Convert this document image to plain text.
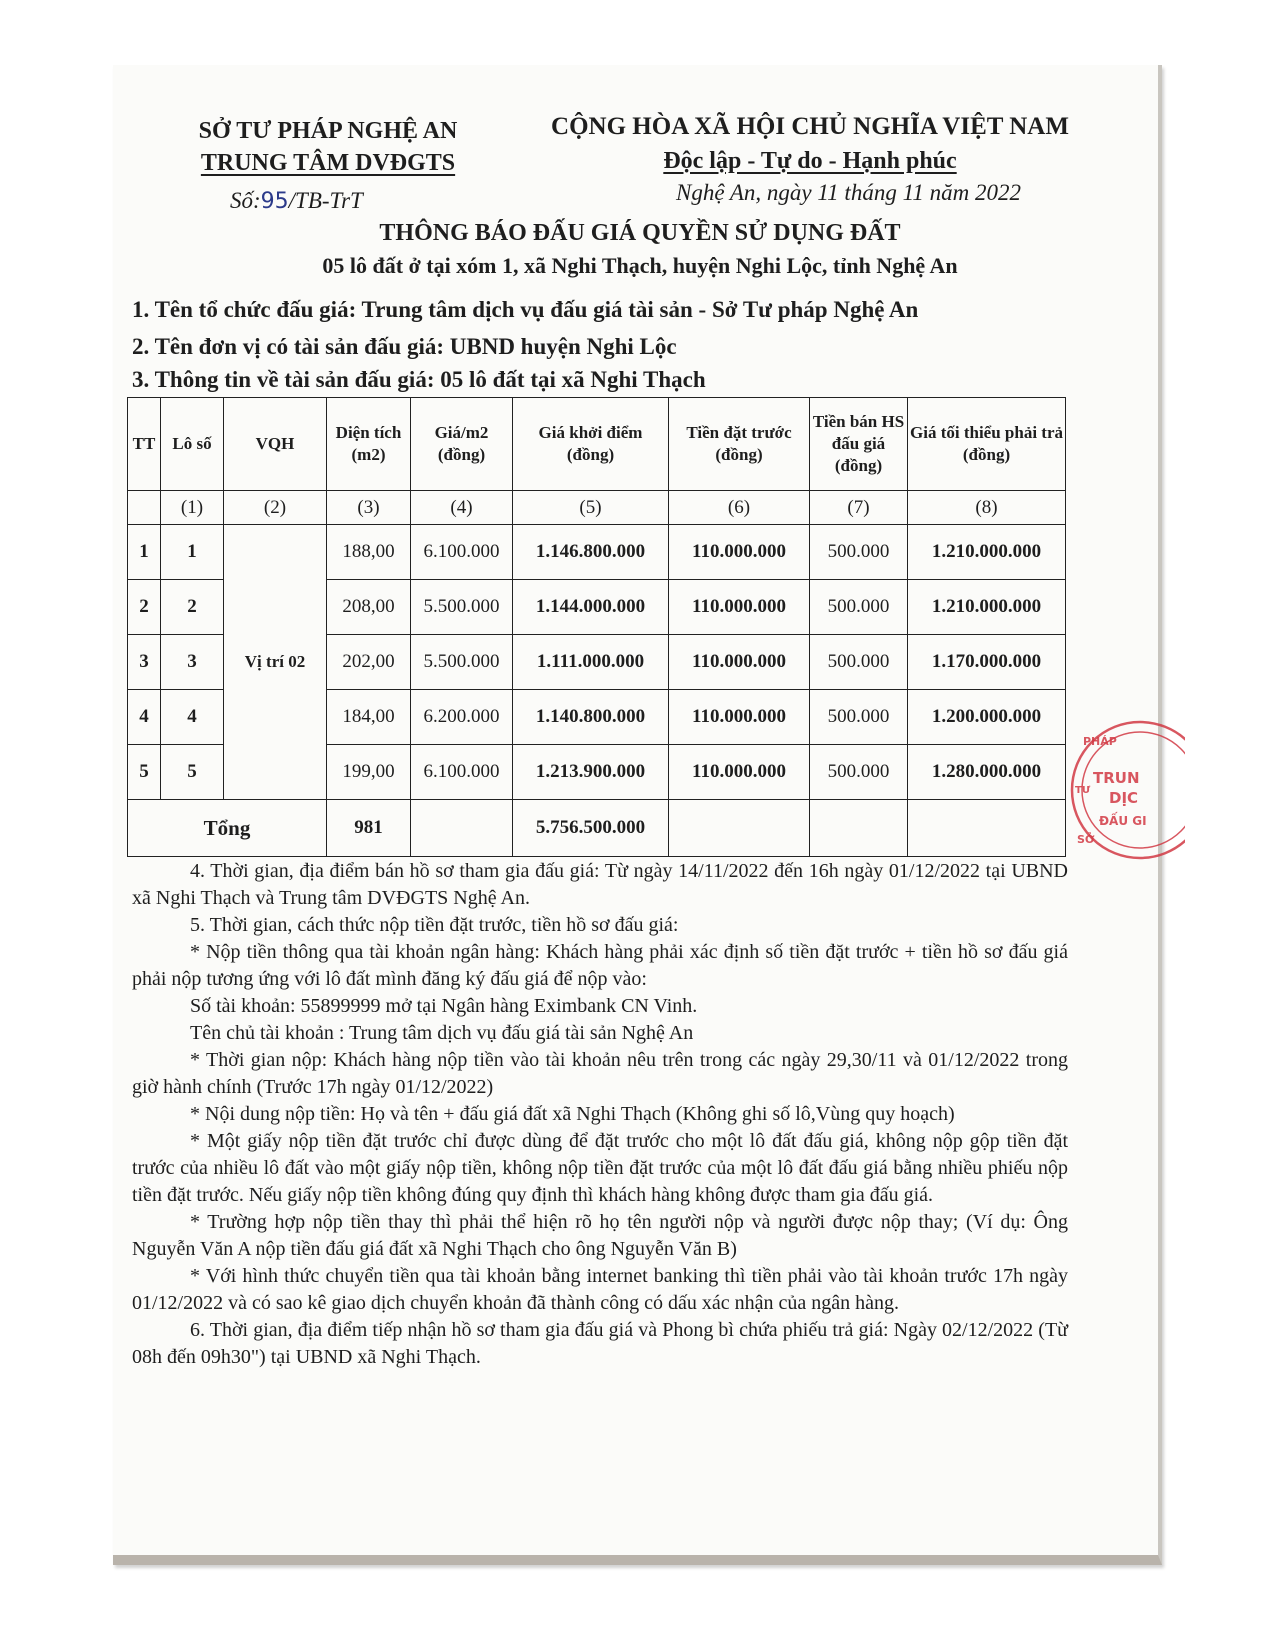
SỞ TƯ PHÁP NGHỆ AN
TRUNG TÂM DVĐGTS
Số:95/TB-TrT
CỘNG HÒA XÃ HỘI CHỦ NGHĨA VIỆT NAM
Độc lập - Tự do - Hạnh phúc
Nghệ An, ngày 11 tháng 11 năm 2022
THÔNG BÁO ĐẤU GIÁ QUYỀN SỬ DỤNG ĐẤT
05 lô đất ở tại xóm 1, xã Nghi Thạch, huyện Nghi Lộc, tỉnh Nghệ An
1. Tên tổ chức đấu giá: Trung tâm dịch vụ đấu giá tài sản - Sở Tư pháp Nghệ An
2. Tên đơn vị có tài sản đấu giá: UBND huyện Nghi Lộc
3. Thông tin về tài sản đấu giá: 05 lô đất tại xã Nghi Thạch
TT	Lô số	VQH	Diện tích (m2)	Giá/m2 (đồng)	Giá khởi điểm (đồng)	Tiền đặt trước (đồng)	Tiền bán HS đấu giá (đồng)	Giá tối thiểu phải trả (đồng)
	(1)	(2)	(3)	(4)	(5)	(6)	(7)	(8)
1	1	Vị trí 02	188,00	6.100.000	1.146.800.000	110.000.000	500.000	1.210.000.000
2	2		208,00	5.500.000	1.144.000.000	110.000.000	500.000	1.210.000.000
3	3		202,00	5.500.000	1.111.000.000	110.000.000	500.000	1.170.000.000
4	4		184,00	6.200.000	1.140.800.000	110.000.000	500.000	1.200.000.000
5	5		199,00	6.100.000	1.213.900.000	110.000.000	500.000	1.280.000.000
Tổng			981		5.756.500.000			
PHÁP
TRUN
DỊC
ĐẤU GI
TƯ
SỞ

4. Thời gian, địa điểm bán hồ sơ tham gia đấu giá: Từ ngày 14/11/2022 đến 16h ngày 01/12/2022 tại UBND xã Nghi Thạch và Trung tâm DVĐGTS Nghệ An.

5. Thời gian, cách thức nộp tiền đặt trước, tiền hồ sơ đấu giá:

* Nộp tiền thông qua tài khoản ngân hàng: Khách hàng phải xác định số tiền đặt trước + tiền hồ sơ đấu giá phải nộp tương ứng với lô đất mình đăng ký đấu giá để nộp vào:

Số tài khoản: 55899999 mở tại Ngân hàng Eximbank CN Vinh.

Tên chủ tài khoản : Trung tâm dịch vụ đấu giá tài sản Nghệ An

* Thời gian nộp: Khách hàng nộp tiền vào tài khoản nêu trên trong các ngày 29,30/11 và 01/12/2022 trong giờ hành chính (Trước 17h ngày 01/12/2022)

* Nội dung nộp tiền: Họ và tên + đấu giá đất xã Nghi Thạch (Không ghi số lô,Vùng quy hoạch)

* Một giấy nộp tiền đặt trước chỉ được dùng để đặt trước cho một lô đất đấu giá, không nộp gộp tiền đặt trước của nhiều lô đất vào một giấy nộp tiền, không nộp tiền đặt trước của một lô đất đấu giá bằng nhiều phiếu nộp tiền đặt trước. Nếu giấy nộp tiền không đúng quy định thì khách hàng không được tham gia đấu giá.

* Trường hợp nộp tiền thay thì phải thể hiện rõ họ tên người nộp và người được nộp thay; (Ví dụ: Ông Nguyễn Văn A nộp tiền đấu giá đất xã Nghi Thạch cho ông Nguyễn Văn B)

* Với hình thức chuyển tiền qua tài khoản bằng internet banking thì tiền phải vào tài khoản trước 17h ngày 01/12/2022 và có sao kê giao dịch chuyển khoản đã thành công có dấu xác nhận của ngân hàng.

6. Thời gian, địa điểm tiếp nhận hồ sơ tham gia đấu giá và Phong bì chứa phiếu trả giá: Ngày 02/12/2022 (Từ 08h đến 09h30") tại UBND xã Nghi Thạch.
